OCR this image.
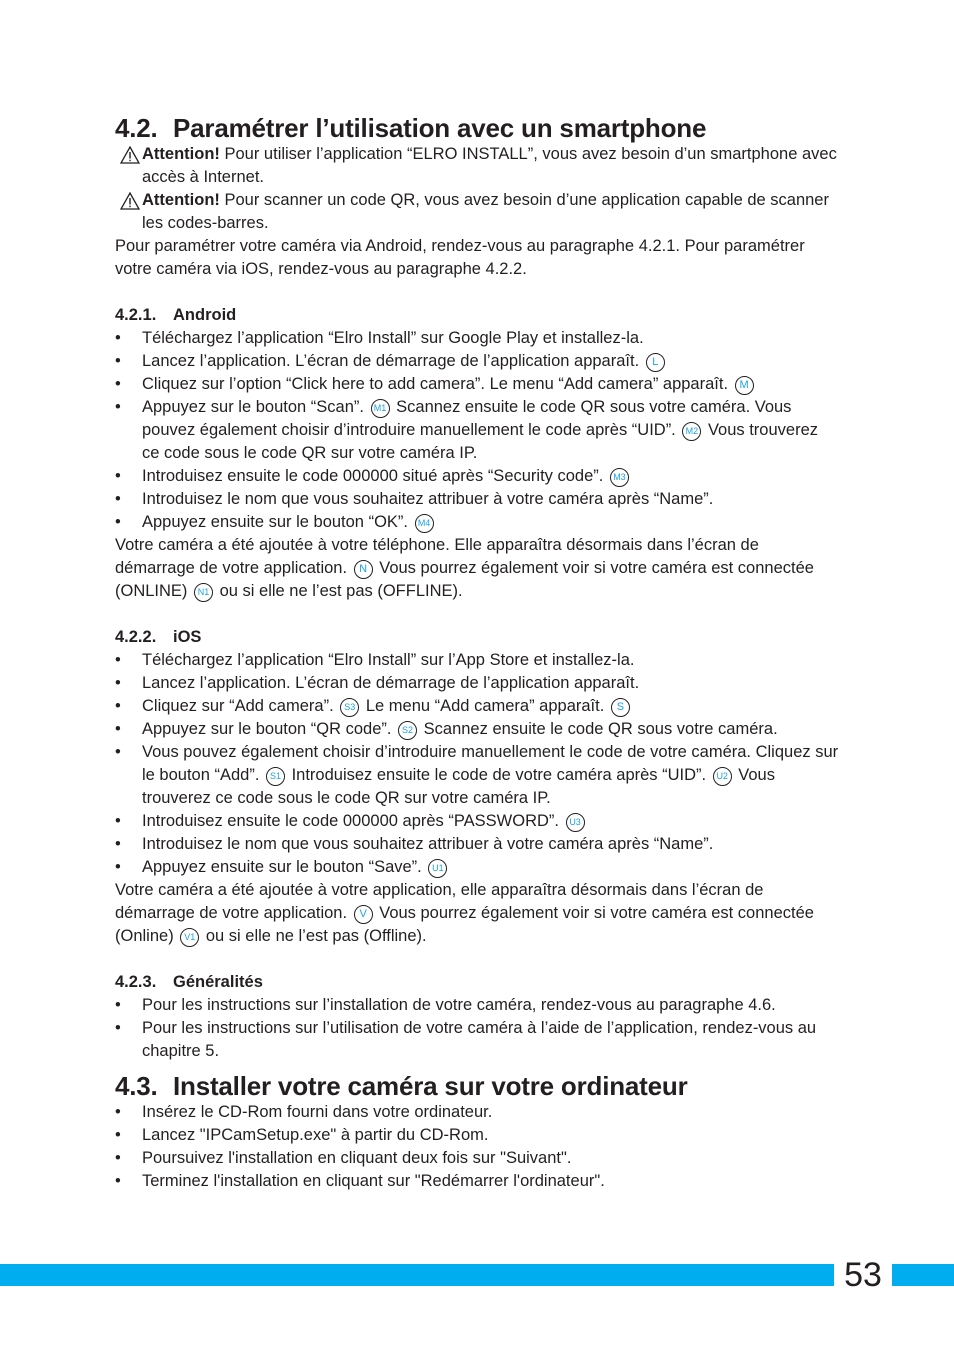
4.2. Paramétrer l’utilisation avec un smartphone

Attention! Pour utiliser l’application “ELRO INSTALL”, vous avez besoin d’un smartphone avec accès à Internet.

Attention! Pour scanner un code QR, vous avez besoin d’une application capable de scanner les codes-barres.

Pour paramétrer votre caméra via Android, rendez-vous au paragraphe 4.2.1. Pour paramétrer votre caméra via iOS, rendez-vous au paragraphe 4.2.2.

4.2.1. Android
• Téléchargez l’application “Elro Install” sur Google Play et installez-la.
• Lancez l’application. L’écran de démarrage de l’application apparaît. L
• Cliquez sur l’option “Click here to add camera”. Le menu “Add camera” apparaît. M
• Appuyez sur le bouton “Scan”. M1 Scannez ensuite le code QR sous votre caméra. Vous pouvez également choisir d’introduire manuellement le code après “UID”. M2 Vous trouverez ce code sous le code QR sur votre caméra IP.
• Introduisez ensuite le code 000000 situé après “Security code”. M3
• Introduisez le nom que vous souhaitez attribuer à votre caméra après “Name”.
• Appuyez ensuite sur le bouton “OK”. M4

Votre caméra a été ajoutée à votre téléphone. Elle apparaîtra désormais dans l’écran de démarrage de votre application. N Vous pourrez également voir si votre caméra est connectée (ONLINE) N1 ou si elle ne l’est pas (OFFLINE).

4.2.2. iOS
• Téléchargez l’application “Elro Install” sur l’App Store et installez-la.
• Lancez l’application. L’écran de démarrage de l’application apparaît.
• Cliquez sur “Add camera”. S3 Le menu “Add camera” apparaît. S
• Appuyez sur le bouton “QR code”. S2 Scannez ensuite le code QR sous votre caméra.
• Vous pouvez également choisir d’introduire manuellement le code de votre caméra. Cliquez sur le bouton “Add”. S1 Introduisez ensuite le code de votre caméra après “UID”. U2 Vous trouverez ce code sous le code QR sur votre caméra IP.
• Introduisez ensuite le code 000000 après “PASSWORD”. U3
• Introduisez le nom que vous souhaitez attribuer à votre caméra après “Name”.
• Appuyez ensuite sur le bouton “Save”. U1

Votre caméra a été ajoutée à votre application, elle apparaîtra désormais dans l’écran de démarrage de votre application. V Vous pourrez également voir si votre caméra est connectée (Online) V1 ou si elle ne l’est pas (Offline).

4.2.3. Généralités
• Pour les instructions sur l’installation de votre caméra, rendez-vous au paragraphe 4.6.
• Pour les instructions sur l’utilisation de votre caméra à l’aide de l’application, rendez-vous au chapitre 5.
4.3. Installer votre caméra sur votre ordinateur
• Insérez le CD-Rom fourni dans votre ordinateur.
• Lancez "IPCamSetup.exe" à partir du CD-Rom.
• Poursuivez l'installation en cliquant deux fois sur "Suivant".
• Terminez l'installation en cliquant sur "Redémarrer l'ordinateur".
53
